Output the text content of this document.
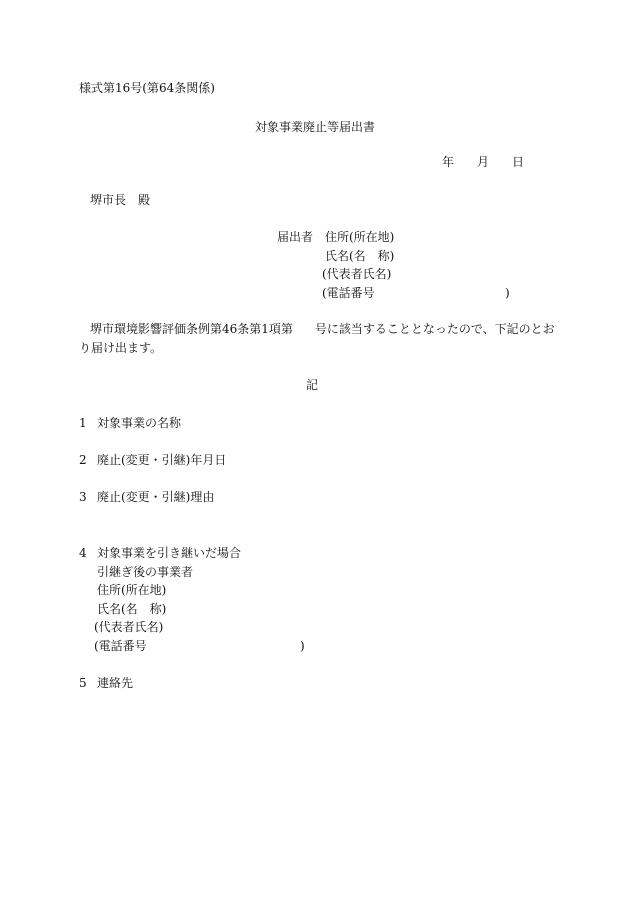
様式第16号(第64条関係)
対象事業廃止等届出書
年 月 日
堺市長　殿
届出者 住所(所在地)
氏名(名　称)
(代表者氏名)
(電話番号	)
堺市環境影響評価条例第46条第1項第 号に該当することとなったので、下記のとお
り届け出ます。
記
1 対象事業の名称
2 廃止(変更・引継)年月日
3 廃止(変更・引継)理由
4 対象事業を引き継いだ場合
引継ぎ後の事業者
住所(所在地)
氏名(名　称)
(代表者氏名)
(電話番号	)
5 連絡先
